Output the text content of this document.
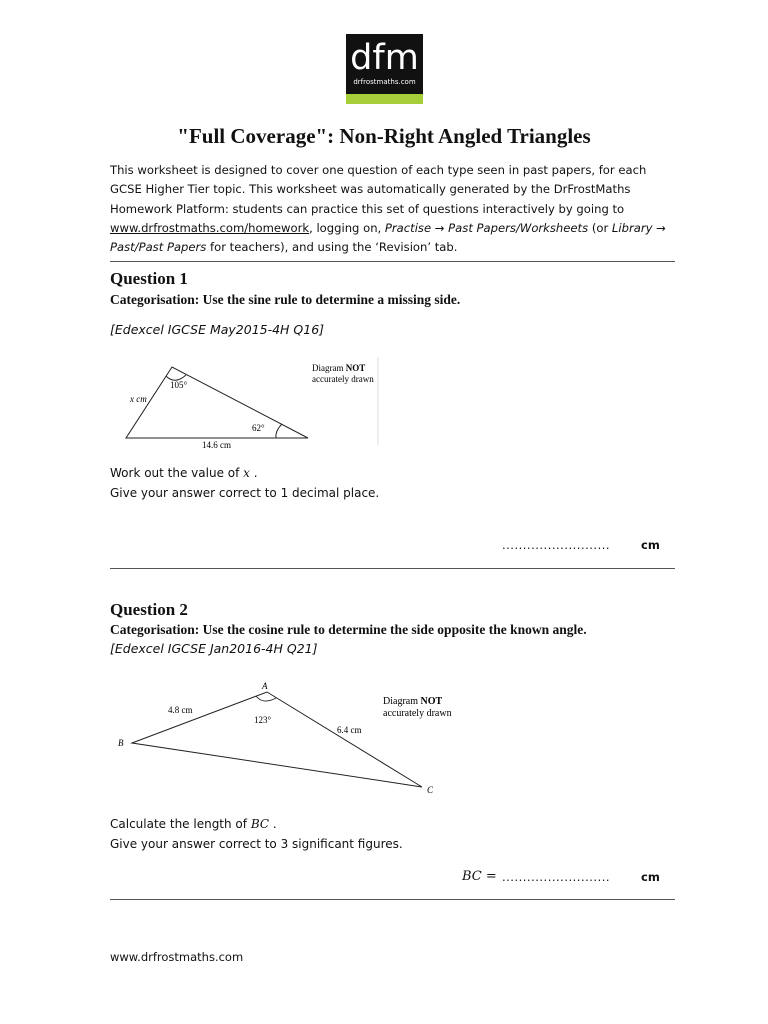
dfm
drfrostmaths.com
"Full Coverage": Non-Right Angled Triangles
This worksheet is designed to cover one question of each type seen in past papers, for each GCSE Higher Tier topic. This worksheet was automatically generated by the DrFrostMaths Homework Platform: students can practice this set of questions interactively by going to www.drfrostmaths.com/homework, logging on, Practise → Past Papers/Worksheets (or Library → Past/Past Papers for teachers), and using the ‘Revision’ tab.
Question 1
Categorisation: Use the sine rule to determine a missing side.
[Edexcel IGCSE May2015-4H Q16]
105°
62°
x cm
14.6 cm
Diagram NOT
accurately drawn
Work out the value of x .
Give your answer correct to 1 decimal place.
..........................	cm
Question 2
Categorisation: Use the cosine rule to determine the side opposite the known angle.
[Edexcel IGCSE Jan2016-4H Q21]
A
B
C
123°
4.8 cm
6.4 cm
Diagram NOT
accurately drawn
Calculate the length of BC .
Give your answer correct to 3 significant figures.
BC = ..........................	cm
www.drfrostmaths.com
